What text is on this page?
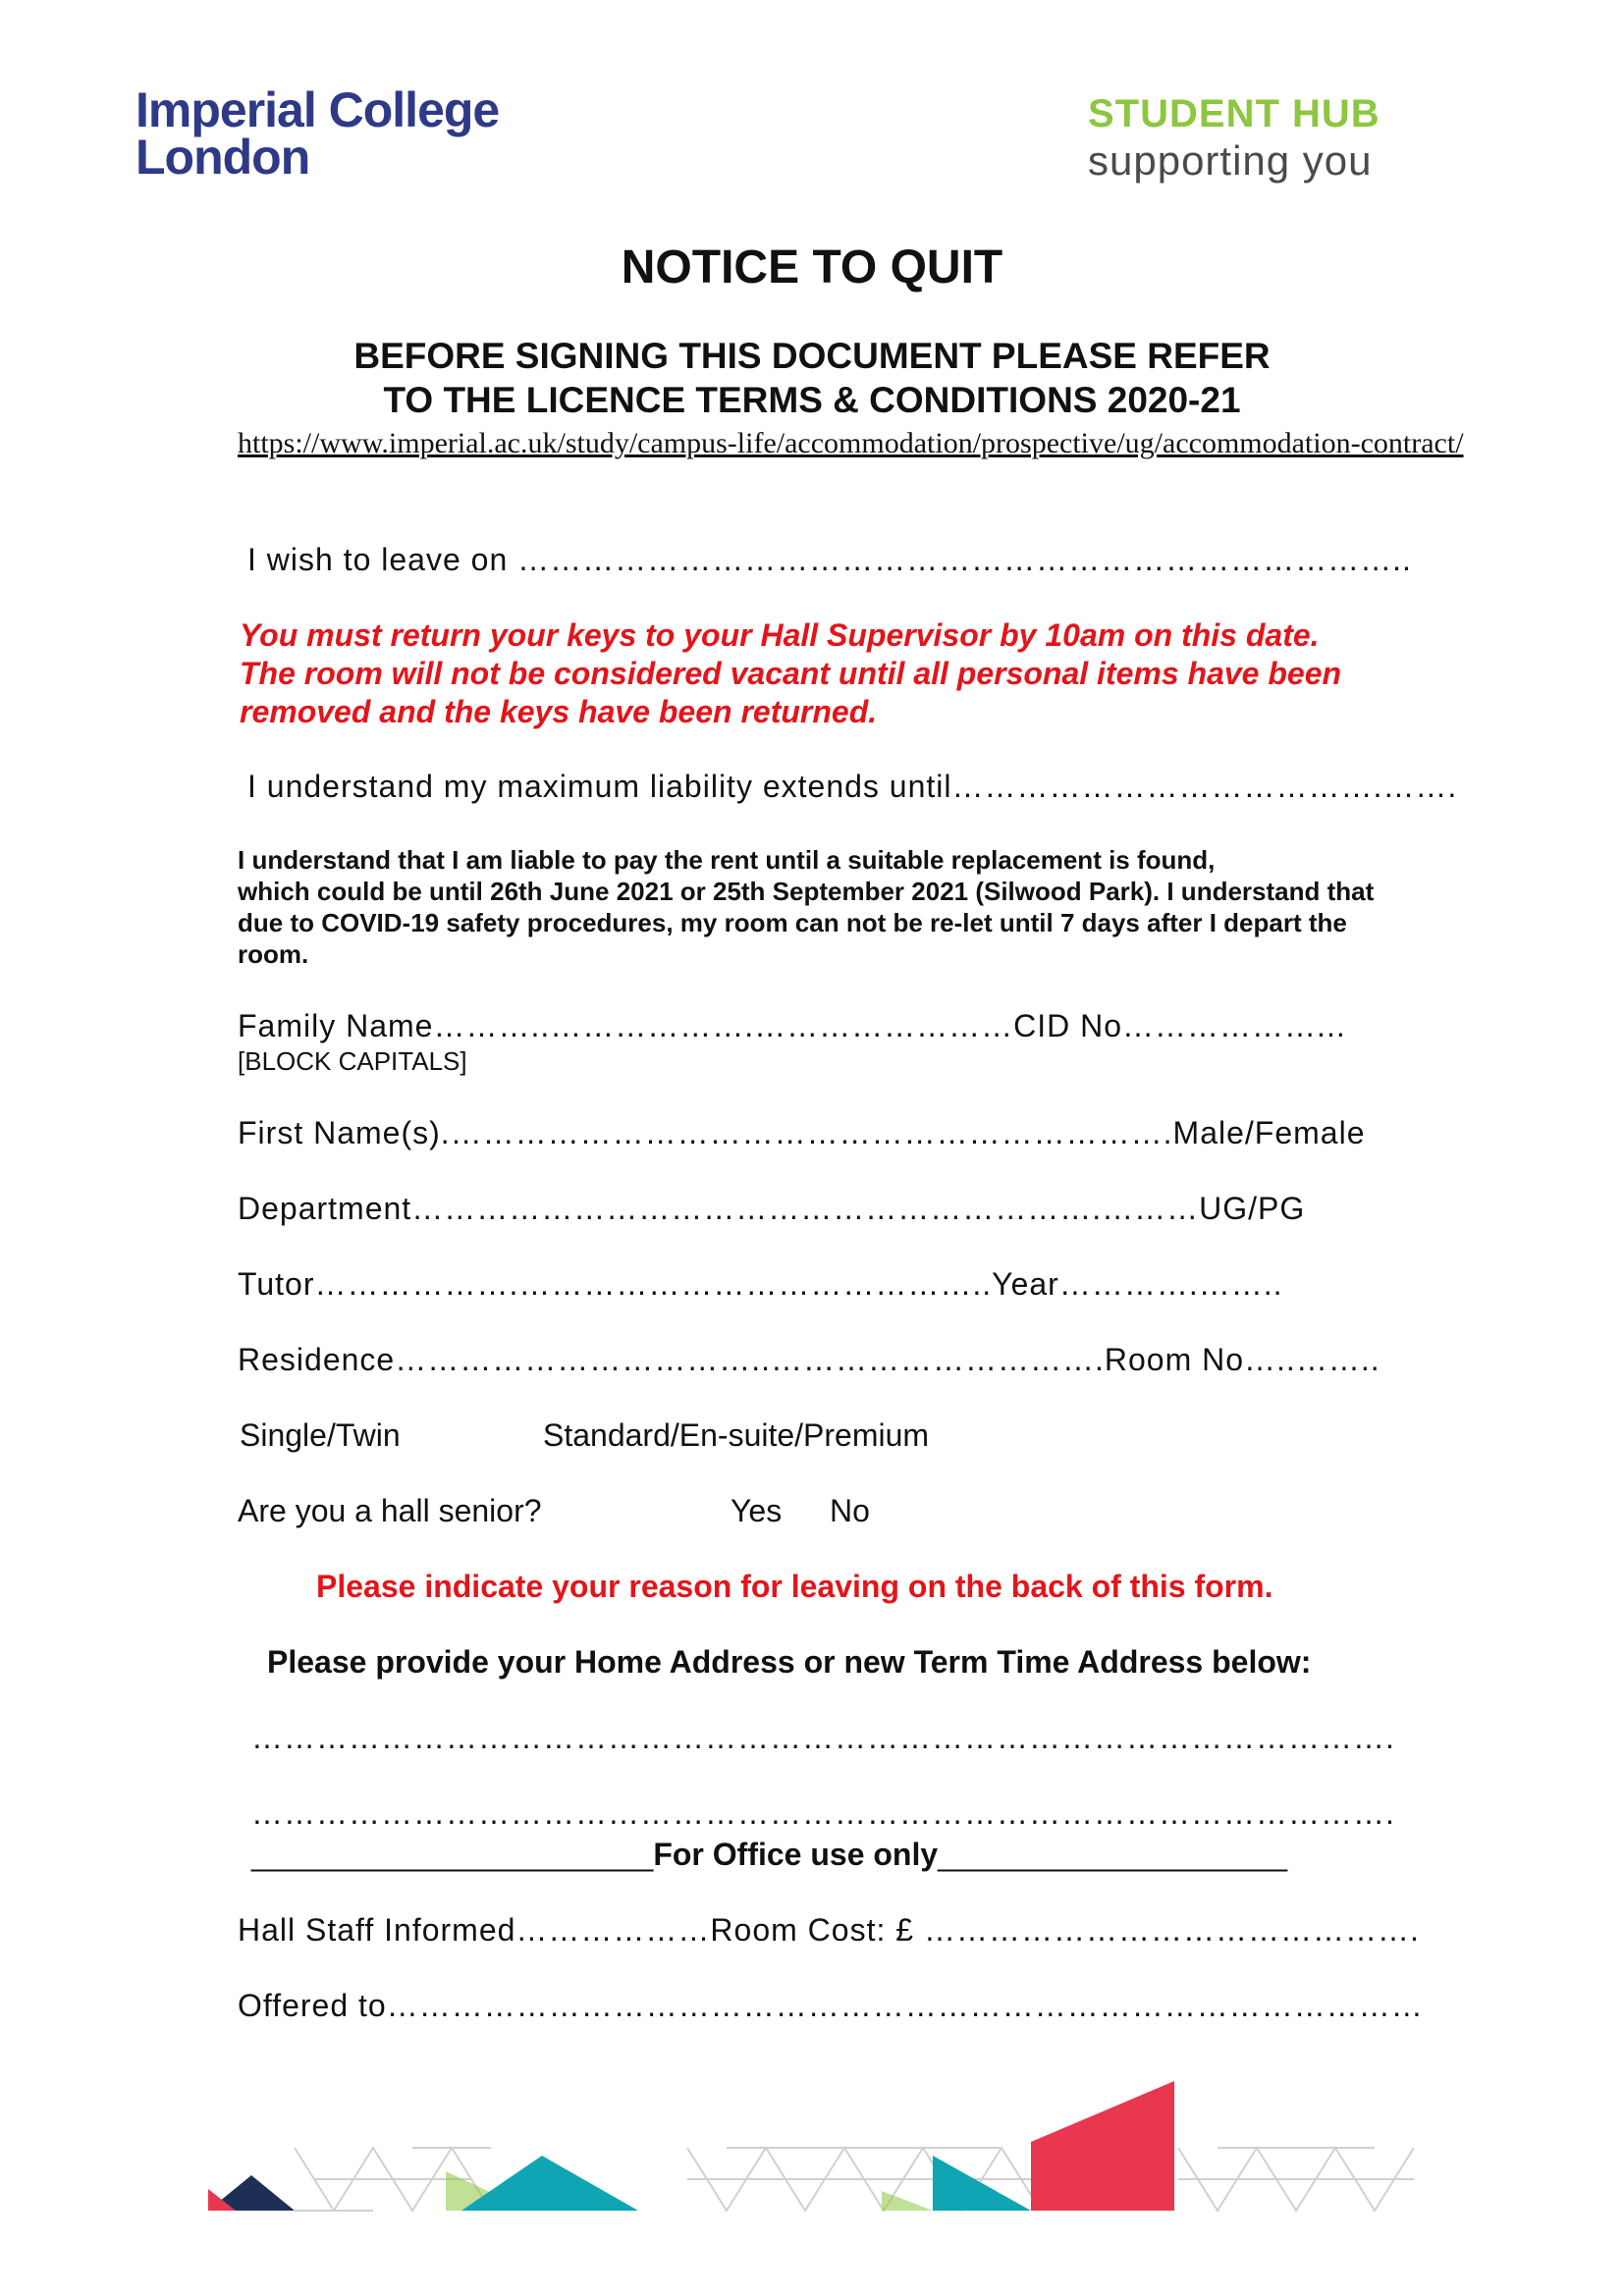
Imperial College
London
STUDENT HUB
supporting you
NOTICE TO QUIT
BEFORE SIGNING THIS DOCUMENT PLEASE REFER
TO THE LICENCE TERMS & CONDITIONS 2020-21
https://www.imperial.ac.uk/study/campus-life/accommodation/prospective/ug/accommodation-contract/
I wish to leave on ………………………………………………………………………..
You must return your keys to your Hall Supervisor by 10am on this date.
The room will not be considered vacant until all personal items have been
removed and the keys have been returned.
I understand my maximum liability extends until………………………………….…….
I understand that I am liable to pay the rent until a suitable replacement is found,
which could be until 26th June 2021 or 25th September 2021 (Silwood Park). I understand that
due to COVID-19 safety procedures, my room can not be re-let until 7 days after I depart the
room.
Family Name………..……………….……………………CID No………………...
[BLOCK CAPITALS]
First Name(s).………………………………………………………….Male/Female
Department……………………………………………………….………UG/PG
Tutor……………….……………………………………..Year………….……..
Residence……………………………..………………………….Room No…..……..
Single/Twin	Standard/En-suite/Premium
Are you a hall senior?	Yes No
Please indicate your reason for leaving on the back of this form.
Please provide your Home Address or new Term Time Address below:
…………………………………………………………………………………………….
…………………………………………………………………………………………….
_______________________For Office use only____________________
Hall Staff Informed………………Room Cost: £ ……………………………………….
Offered to……………………………………………………………………………………
